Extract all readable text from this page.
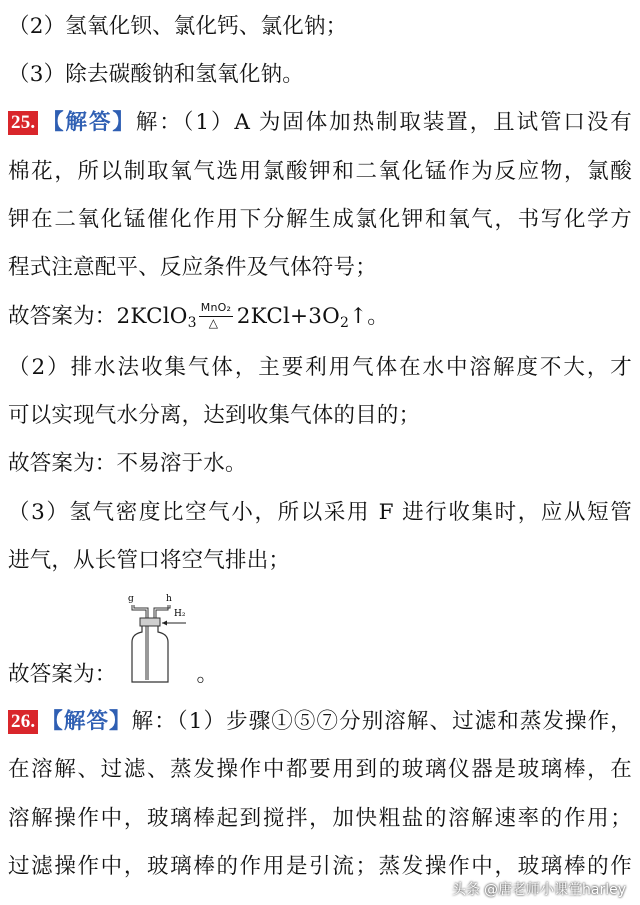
（2）氢氧化钡、氯化钙、氯化钠；
（3）除去碳酸钠和氢氧化钠。
25. 【解答】解：（1）A 为固体加热制取装置，且试管口没有
棉花，所以制取氧气选用氯酸钾和二氧化锰作为反应物，氯酸
钾在二氧化锰催化作用下分解生成氯化钾和氧气，书写化学方
程式注意配平、反应条件及气体符号；
故答案为：2KClO$_3$
MnO₂
△ $2KCl+3O_2↑$。
（2）排水法收集气体，主要利用气体在水中溶解度不大，才
可以实现气水分离，达到收集气体的目的；
故答案为：不易溶于水。
（3）氢气密度比空气小，所以采用 F 进行收集时，应从短管
进气，从长管口将空气排出；
g	h
H₂
故答案为：	。
26. 【解答】解：（1）步骤①⑤⑦分别溶解、过滤和蒸发操作，
在溶解、过滤、蒸发操作中都要用到的玻璃仪器是玻璃棒，在
溶解操作中，玻璃棒起到搅拌，加快粗盐的溶解速率的作用；
过滤操作中，玻璃棒的作用是引流；蒸发操作中，玻璃棒的作
头条 @唐老师小课堂harley
